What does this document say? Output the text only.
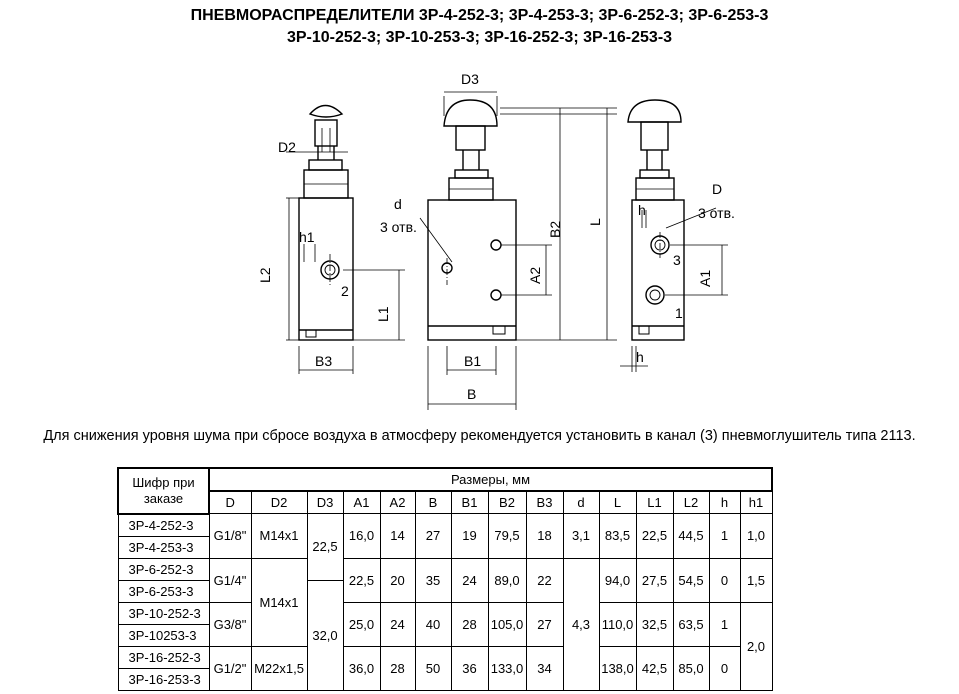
ПНЕВМОРАСПРЕДЕЛИТЕЛИ 3Р-4-252-3; 3Р-4-253-3; 3Р-6-252-3; 3Р-6-253-3
3Р-10-252-3; 3Р-10-253-3; 3Р-16-252-3; 3Р-16-253-3
D3
D2
L2
h1
2
L1
B3
d
3 отв.
A2
B1
B
B2 L
D
h	3 отв.
3
A1
1
h
Для снижения уровня шума при сбросе воздуха в атмосферу рекомендуется установить в канал (3) пневмоглушитель типа 2113.
Шифр при заказе	Размеры, мм														
	D	D2	D3	A1	A2	B	B1	B2	B3	d	L	L1	L2	h	h1
3Р-4-252-3	G1/8"	M14x1	22,5	16,0	14	27	19	79,5	18	3,1	83,5	22,5	44,5	1	1,0
3Р-4-253-3															
3Р-6-252-3	G1/4"	M14x1		22,5	20	35	24	89,0	22	4,3	94,0	27,5	54,5	0	1,5
3Р-6-253-3			32,0												
3Р-10-252-3	G3/8"			25,0	24	40	28	105,0	27		110,0	32,5	63,5	1	2,0
3Р-10253-3															
3Р-16-252-3	G1/2"	M22x1,5		36,0	28	50	36	133,0	34		138,0	42,5	85,0	0	
3Р-16-253-3															
